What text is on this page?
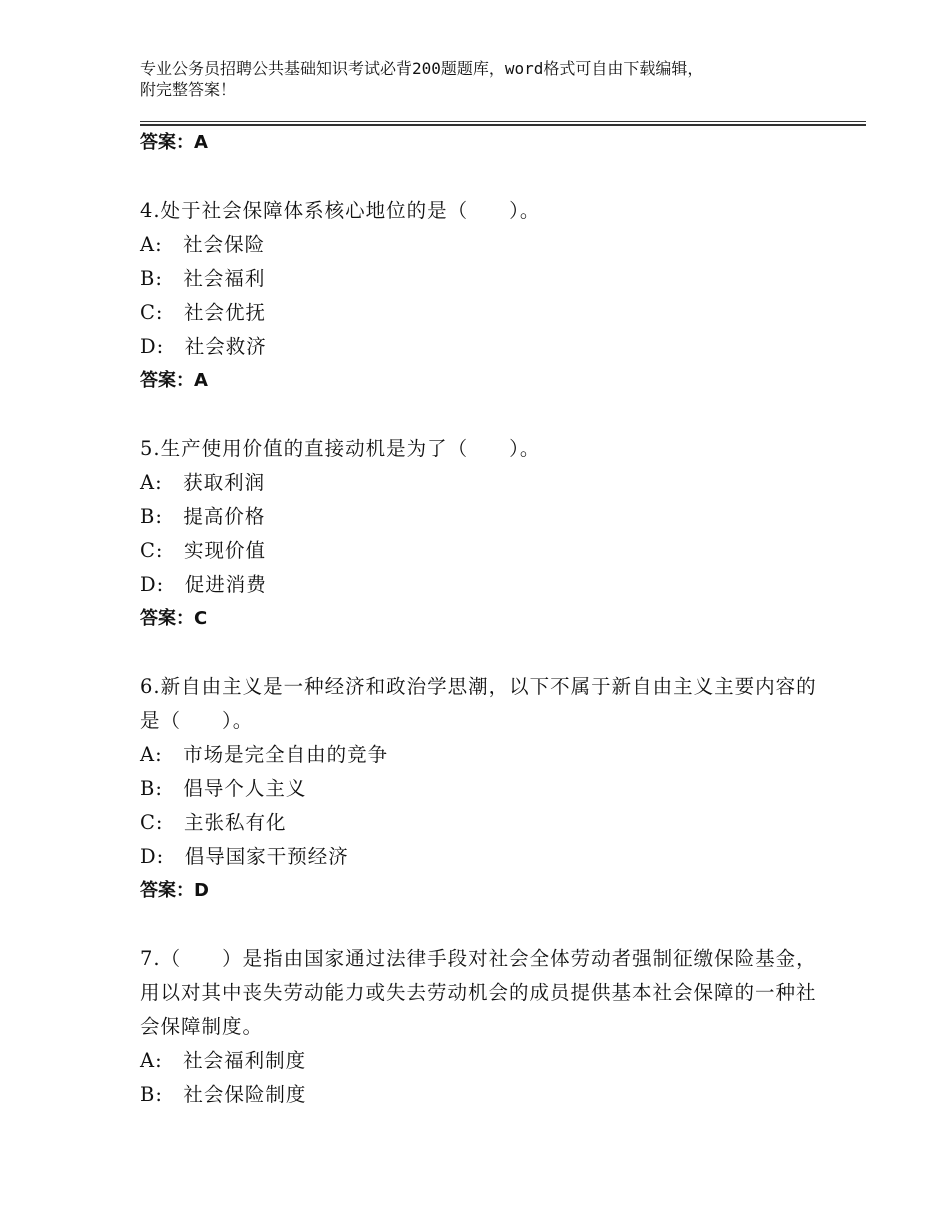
专业公务员招聘公共基础知识考试必背200题题库，word格式可自由下载编辑，
附完整答案！
答案：A
4.处于社会保障体系核心地位的是（　　）。
A:　社会保险
B:　社会福利
C:　社会优抚
D:　社会救济
答案：A
5.生产使用价值的直接动机是为了（　　）。
A:　获取利润
B:　提高价格
C:　实现价值
D:　促进消费
答案：C
6.新自由主义是一种经济和政治学思潮，以下不属于新自由主义主要内容的是（　　）。
A:　市场是完全自由的竞争
B:　倡导个人主义
C:　主张私有化
D:　倡导国家干预经济
答案：D
7.（　　）是指由国家通过法律手段对社会全体劳动者强制征缴保险基金，用以对其中丧失劳动能力或失去劳动机会的成员提供基本社会保障的一种社会保障制度。
A:　社会福利制度
B:　社会保险制度
